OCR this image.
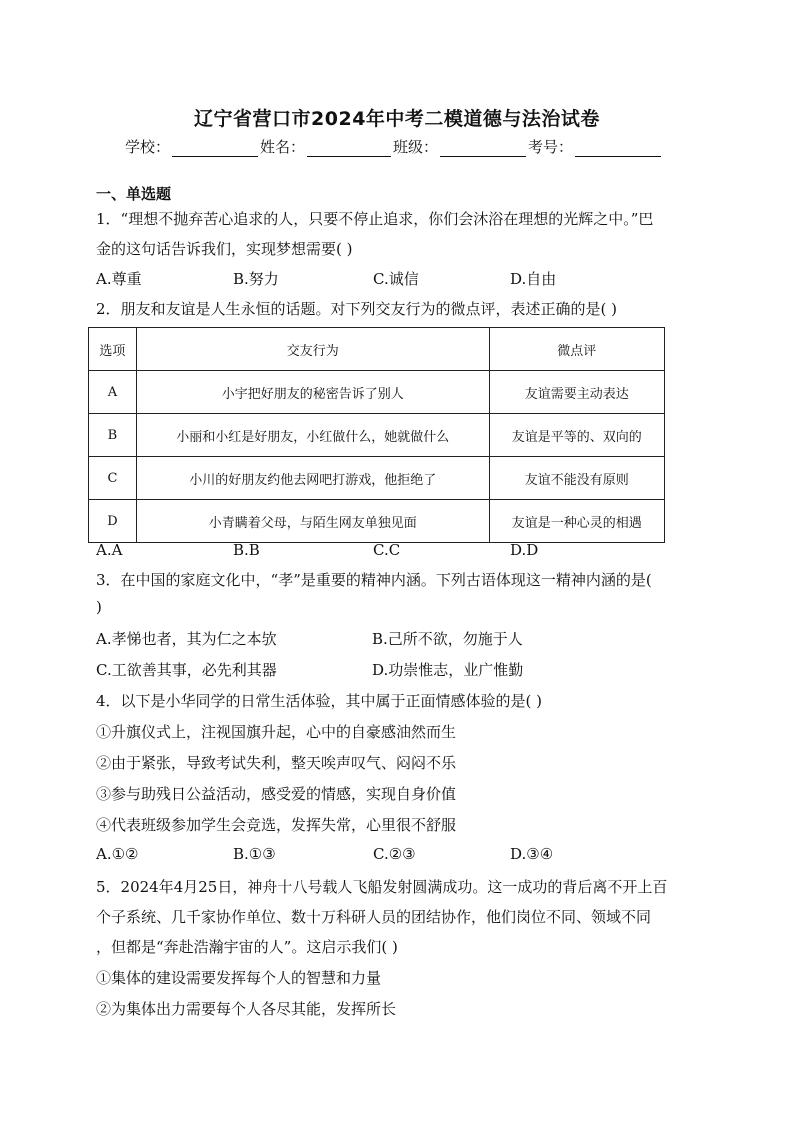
辽宁省营口市2024年中考二模道德与法治试卷
学校：	姓名：	班级：	考号：
一、单选题
1．“理想不抛弃苦心追求的人，只要不停止追求，你们会沐浴在理想的光辉之中。”巴
金的这句话告诉我们，实现梦想需要( )
A.尊重	B.努力	C.诚信	D.自由
2．朋友和友谊是人生永恒的话题。对下列交友行为的微点评，表述正确的是( )
选项	交友行为	微点评
A	小宇把好朋友的秘密告诉了别人	友谊需要主动表达
B	小丽和小红是好朋友，小红做什么，她就做什么	友谊是平等的、双向的
C	小川的好朋友约他去网吧打游戏，他拒绝了	友谊不能没有原则
D	小青瞒着父母，与陌生网友单独见面	友谊是一种心灵的相遇
A.A	B.B	C.C	D.D
3．在中国的家庭文化中，“孝”是重要的精神内涵。下列古语体现这一精神内涵的是(
)
A.孝悌也者，其为仁之本欤	B.己所不欲，勿施于人
C.工欲善其事，必先利其器	D.功崇惟志，业广惟勤
4．以下是小华同学的日常生活体验，其中属于正面情感体验的是( )
①升旗仪式上，注视国旗升起，心中的自豪感油然而生
②由于紧张，导致考试失利，整天唉声叹气、闷闷不乐
③参与助残日公益活动，感受爱的情感，实现自身价值
④代表班级参加学生会竞选，发挥失常，心里很不舒服
A.①②	B.①③	C.②③	D.③④
5．2024年4月25日，神舟十八号载人飞船发射圆满成功。这一成功的背后离不开上百
个子系统、几千家协作单位、数十万科研人员的团结协作，他们岗位不同、领域不同
，但都是“奔赴浩瀚宇宙的人”。这启示我们( )
①集体的建设需要发挥每个人的智慧和力量
②为集体出力需要每个人各尽其能，发挥所长
